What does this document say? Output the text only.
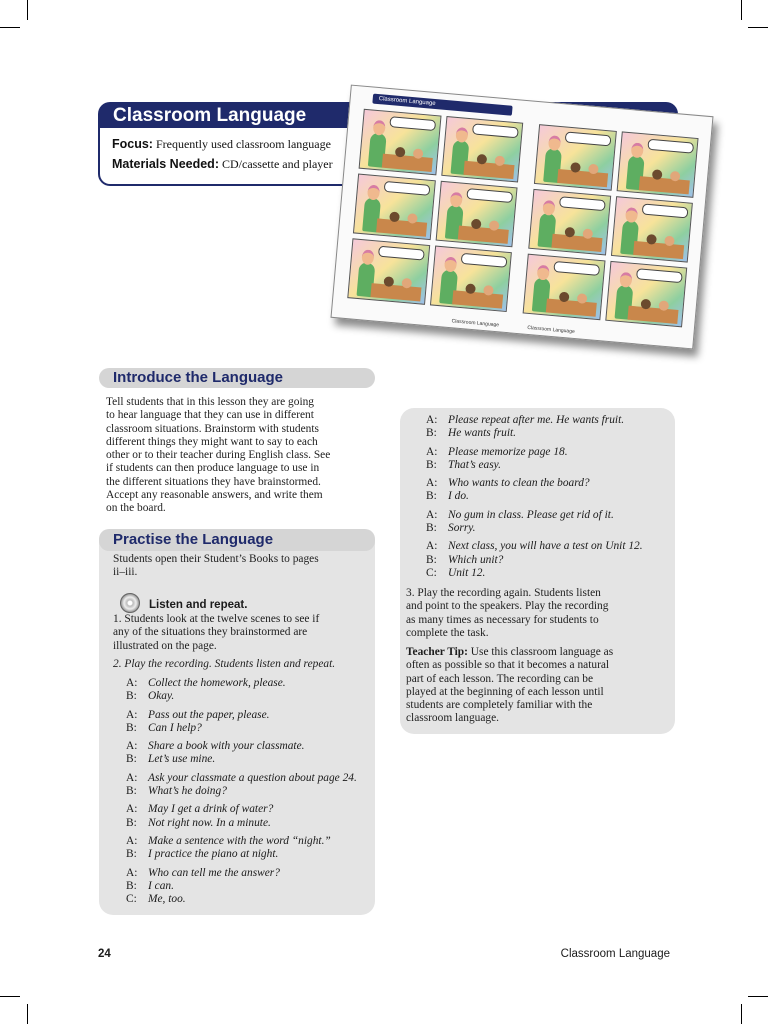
Classroom Language
Focus: Frequently used classroom language
Materials Needed: CD/cassette and player
Classroom Language
Classroom Language
Classroom Language
Introduce the Language
Tell students that in this lesson they are going
to hear language that they can use in different
classroom situations. Brainstorm with students
different things they might want to say to each
other or to their teacher during English class. See
if students can then produce language to use in
the different situations they have brainstormed.
Accept any reasonable answers, and write them
on the board.
Practise the Language
Students open their Student’s Books to pages
ii–iii.
Listen and repeat.
1. Students look at the twelve scenes to see if
any of the situations they brainstormed are
illustrated on the page.
2. Play the recording. Students listen and repeat.
A: Collect the homework, please.
B: Okay.
A: Pass out the paper, please.
B: Can I help?
A: Share a book with your classmate.
B: Let’s use mine.
A: Ask your classmate a question about page 24.
B: What’s he doing?
A: May I get a drink of water?
B: Not right now. In a minute.
A: Make a sentence with the word “night.”
B: I practice the piano at night.
A: Who can tell me the answer?
B: I can.
C: Me, too.
A: Please repeat after me. He wants fruit.
B: He wants fruit.
A: Please memorize page 18.
B: That’s easy.
A: Who wants to clean the board?
B: I do.
A: No gum in class. Please get rid of it.
B: Sorry.
A: Next class, you will have a test on Unit 12.
B: Which unit?
C: Unit 12.
3. Play the recording again. Students listen
and point to the speakers. Play the recording
as many times as necessary for students to
complete the task.
Teacher Tip: Use this classroom language as
often as possible so that it becomes a natural
part of each lesson. The recording can be
played at the beginning of each lesson until
students are completely familiar with the
classroom language.
24	Classroom Language
